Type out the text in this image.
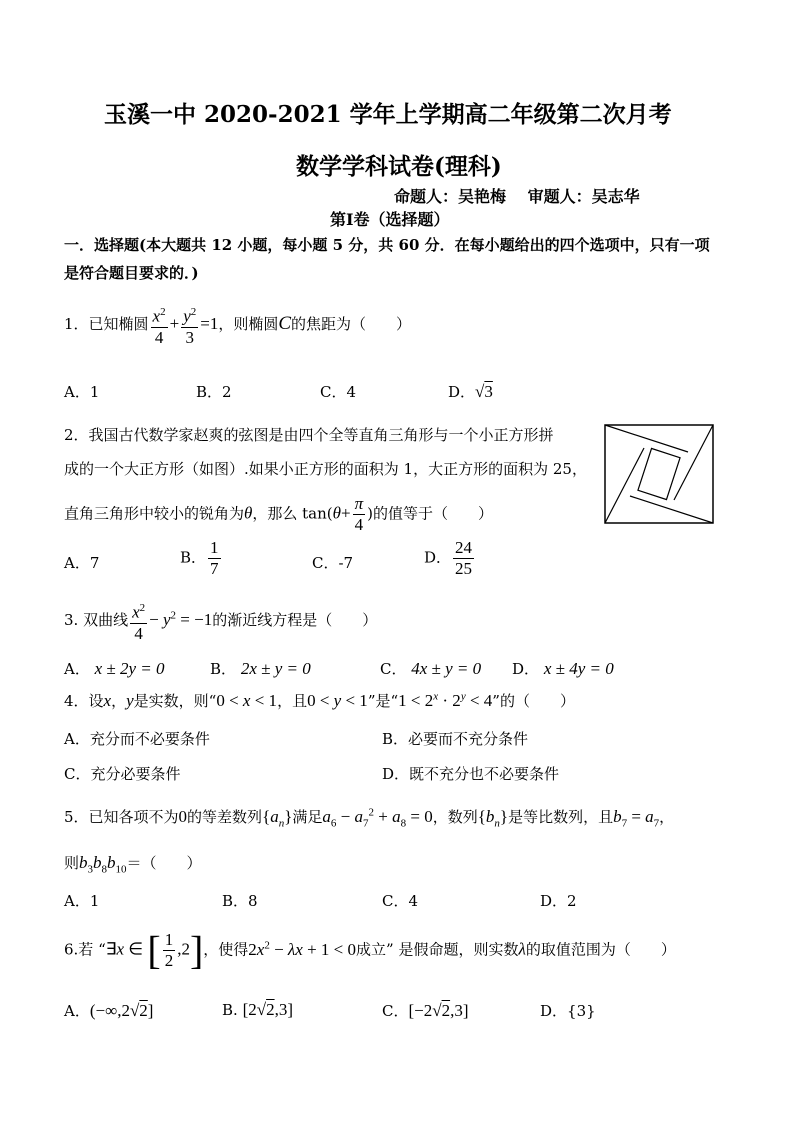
玉溪一中 2020-2021 学年上学期高二年级第二次月考
数学学科试卷(理科)
命题人：吴艳梅　 审题人：吴志华
第Ⅰ卷（选择题）
一．选择题(本大题共 12 小题，每小题 5 分，共 60 分．在每小题给出的四个选项中，只有一项
是符合题目要求的．)
1．已知椭圆 $\frac{x^2}{4} + \frac{y^2}{3} =1$，则椭圆C的焦距为（　　）
A．1	B．2	C．4	D．√3
2．我国古代数学家赵爽的弦图是由四个全等直角三角形与一个小正方形拼
成的一个大正方形（如图）.如果小正方形的面积为 1，大正方形的面积为 25，
直角三角形中较小的锐角为θ，那么 $\tan(\theta+ \frac{\pi}{4}$ )的值等于（　　）
A．7	B． $\frac{1}{7}$	C．-7	D． $\frac{24}{25}$
3. 双曲线 $\frac{x^2}{4} - y^2 = -1$的渐近线方程是（　　）
A． x ± 2y = 0	B． 2x ± y = 0	C． 4x ± y = 0 D． x ± 4y = 0
4．设x，y是实数，则“0 < x < 1，且0 < y < 1”是“$1 < 2^x \cdot 2^y < 4$”的（　　）
A．充分而不必要条件	B．必要而不充分条件
C．充分必要条件	D．既不充分也不必要条件
5．已知各项不为0的等差数列$\{a_n\}$满足$a_6 - a_7^2 + a_8 = 0$，数列$\{b_n\}$是等比数列，且$b_7 = a_7$，
则$b_3b_8b_{10}=$（　　）
A．1	B．8	C．4	D．2
6.若 “∃x ∈ [ $\frac{1}{2} ,2$]，使得$2x^2 - \lambda x + 1 < 0$成立” 是假命题，则实数λ的取值范围为（　　）
A．(−∞,2√2]	B. [2√2,3]	C．[−2√2,3]	D．{3}
